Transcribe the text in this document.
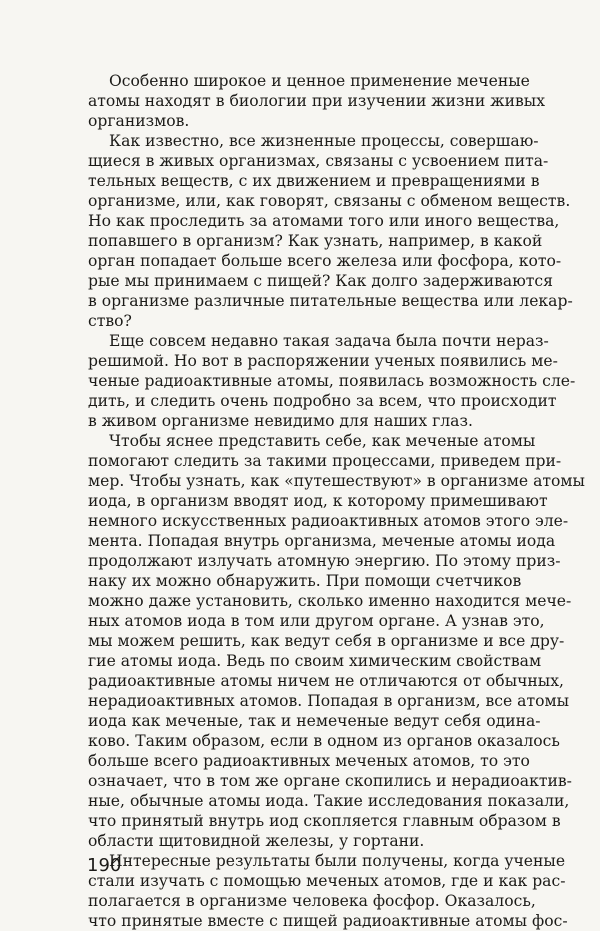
Особенно широкое и ценное применение меченые
атомы находят в биологии при изучении жизни живых
организмов.
Как известно, все жизненные процессы, совершаю-
щиеся в живых организмах, связаны с усвоением пита-
тельных веществ, с их движением и превращениями в
организме, или, как говорят, связаны с обменом веществ.
Но как проследить за атомами того или иного вещества,
попавшего в организм? Как узнать, например, в какой
орган попадает больше всего железа или фосфора, кото-
рые мы принимаем с пищей? Как долго задерживаются
в организме различные питательные вещества или лекар-
ство?
Еще совсем недавно такая задача была почти нераз-
решимой. Но вот в распоряжении ученых появились ме-
ченые радиоактивные атомы, появилась возможность сле-
дить, и следить очень подробно за всем, что происходит
в живом организме невидимо для наших глаз.
Чтобы яснее представить себе, как меченые атомы
помогают следить за такими процессами, приведем при-
мер. Чтобы узнать, как «путешествуют» в организме атомы
иода, в организм вводят иод, к которому примешивают
немного искусственных радиоактивных атомов этого эле-
мента. Попадая внутрь организма, меченые атомы иода
продолжают излучать атомную энергию. По этому приз-
наку их можно обнаружить. При помощи счетчиков
можно даже установить, сколько именно находится мече-
ных атомов иода в том или другом органе. А узнав это,
мы можем решить, как ведут себя в организме и все дру-
гие атомы иода. Ведь по своим химическим свойствам
радиоактивные атомы ничем не отличаются от обычных,
нерадиоактивных атомов. Попадая в организм, все атомы
иода как меченые, так и немеченые ведут себя одина-
ково. Таким образом, если в одном из органов оказалось
больше всего радиоактивных меченых атомов, то это
означает, что в том же органе скопились и нерадиоактив-
ные, обычные атомы иода. Такие исследования показали,
что принятый внутрь иод скопляется главным образом в
области щитовидной железы, у гортани.
Интересные результаты были получены, когда ученые
стали изучать с помощью меченых атомов, где и как рас-
полагается в организме человека фосфор. Оказалось,
что принятые вместе с пищей радиоактивные атомы фос-
190
